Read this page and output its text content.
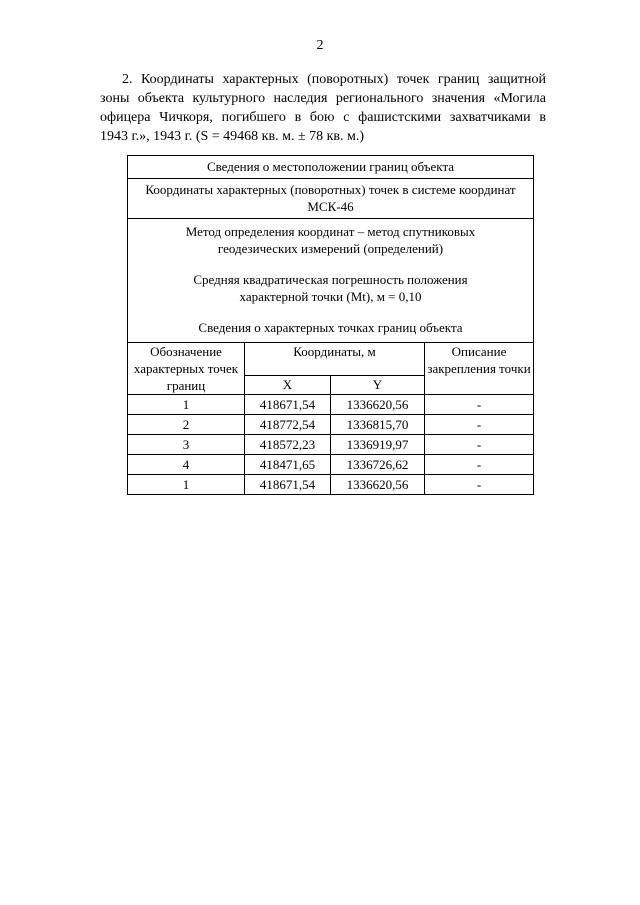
2

2. Координаты характерных (поворотных) точек границ защитной
зоны объекта культурного наследия регионального значения «Могила
офицера Чичкоря, погибшего в бою с фашистскими захватчиками в
1943 г.», 1943 г. (S = 49468 кв. м. ± 78 кв. м.)

Сведения о местоположении границ объекта			
Координаты характерных (поворотных) точек в системе координат МСК-46			
Метод определения координат – метод спутниковых геодезических измерений (определений)
Средняя квадратическая погрешность положения характерной точки (Mt), м = 0,10
Сведения о характерных точках границ объекта			

Обозначение характерных точек границ	Координаты, м		Описание закрепления точки
	X	Y	
1	418671,54	1336620,56	-
2	418772,54	1336815,70	-
3	418572,23	1336919,97	-
4	418471,65	1336726,62	-
1	418671,54	1336620,56	-
